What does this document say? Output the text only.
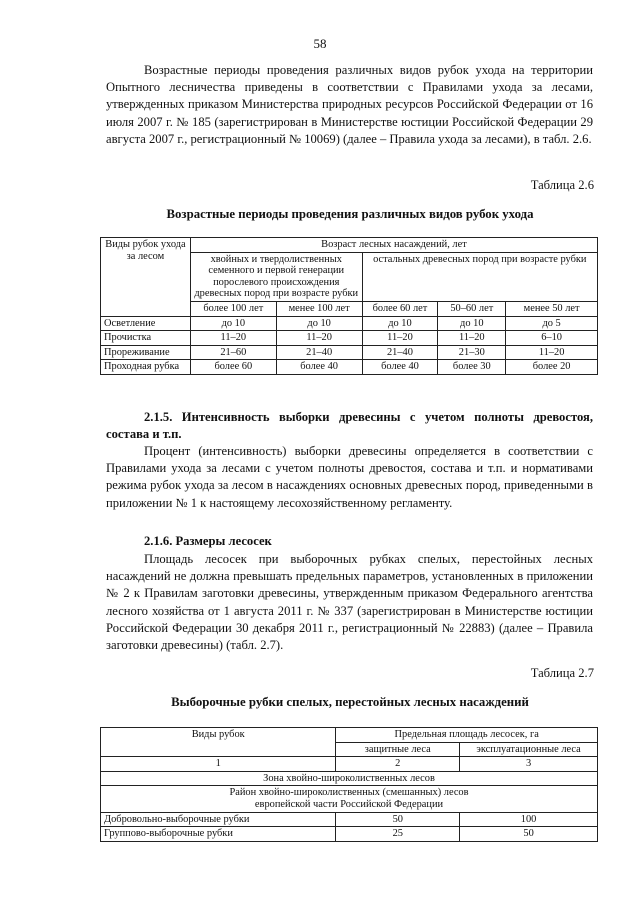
58

Возрастные периоды проведения различных видов рубок ухода на территории Опытного лесничества приведены в соответствии с Правилами ухода за лесами, утвержденных приказом Министерства природных ресурсов Российской Федерации от 16 июля 2007 г. № 185 (зарегистрирован в Министерстве юстиции Российской Федерации 29 августа 2007 г., регистрационный № 10069) (далее – Правила ухода за лесами), в табл. 2.6.

Таблица 2.6
Возрастные периоды проведения различных видов рубок ухода
Виды рубок ухода за лесом	Возраст лесных насаждений, лет				
	хвойных и твердолиственных семенного и первой генерации порослевого происхождения древесных пород при возрасте рубки		остальных древесных пород при возрасте рубки		
	более 100 лет	менее 100 лет	более 60 лет	50–60 лет	менее 50 лет
Осветление	до 10	до 10	до 10	до 10	до 5
Прочистка	11–20	11–20	11–20	11–20	6–10
Прореживание	21–60	21–40	21–40	21–30	11–20
Проходная рубка	более 60	более 40	более 40	более 30	более 20

2.1.5. Интенсивность выборки древесины с учетом полноты древостоя, состава и т.п.

Процент (интенсивность) выборки древесины определяется в соответствии с Правилами ухода за лесами с учетом полноты древостоя, состава и т.п. и нормативами режима рубок ухода за лесом в насаждениях основных древесных пород, приведенными в приложении № 1 к настоящему лесохозяйственному регламенту.

2.1.6. Размеры лесосек

Площадь лесосек при выборочных рубках спелых, перестойных лесных насаждений не должна превышать предельных параметров, установленных в приложении № 2 к Правилам заготовки древесины, утвержденным приказом Федерального агентства лесного хозяйства от 1 августа 2011 г. № 337 (зарегистрирован в Министерстве юстиции Российской Федерации 30 декабря 2011 г., регистрационный № 22883) (далее – Правила заготовки древесины) (табл. 2.7).

Таблица 2.7
Выборочные рубки спелых, перестойных лесных насаждений
Виды рубок	Предельная площадь лесосек, га	
	защитные леса	эксплуатационные леса
1	2	3
Зона хвойно-широколиственных лесов		
Район хвойно-широколиственных (смешанных) лесов
европейской части Российской Федерации		
Добровольно-выборочные рубки	50	100
Группово-выборочные рубки	25	50
